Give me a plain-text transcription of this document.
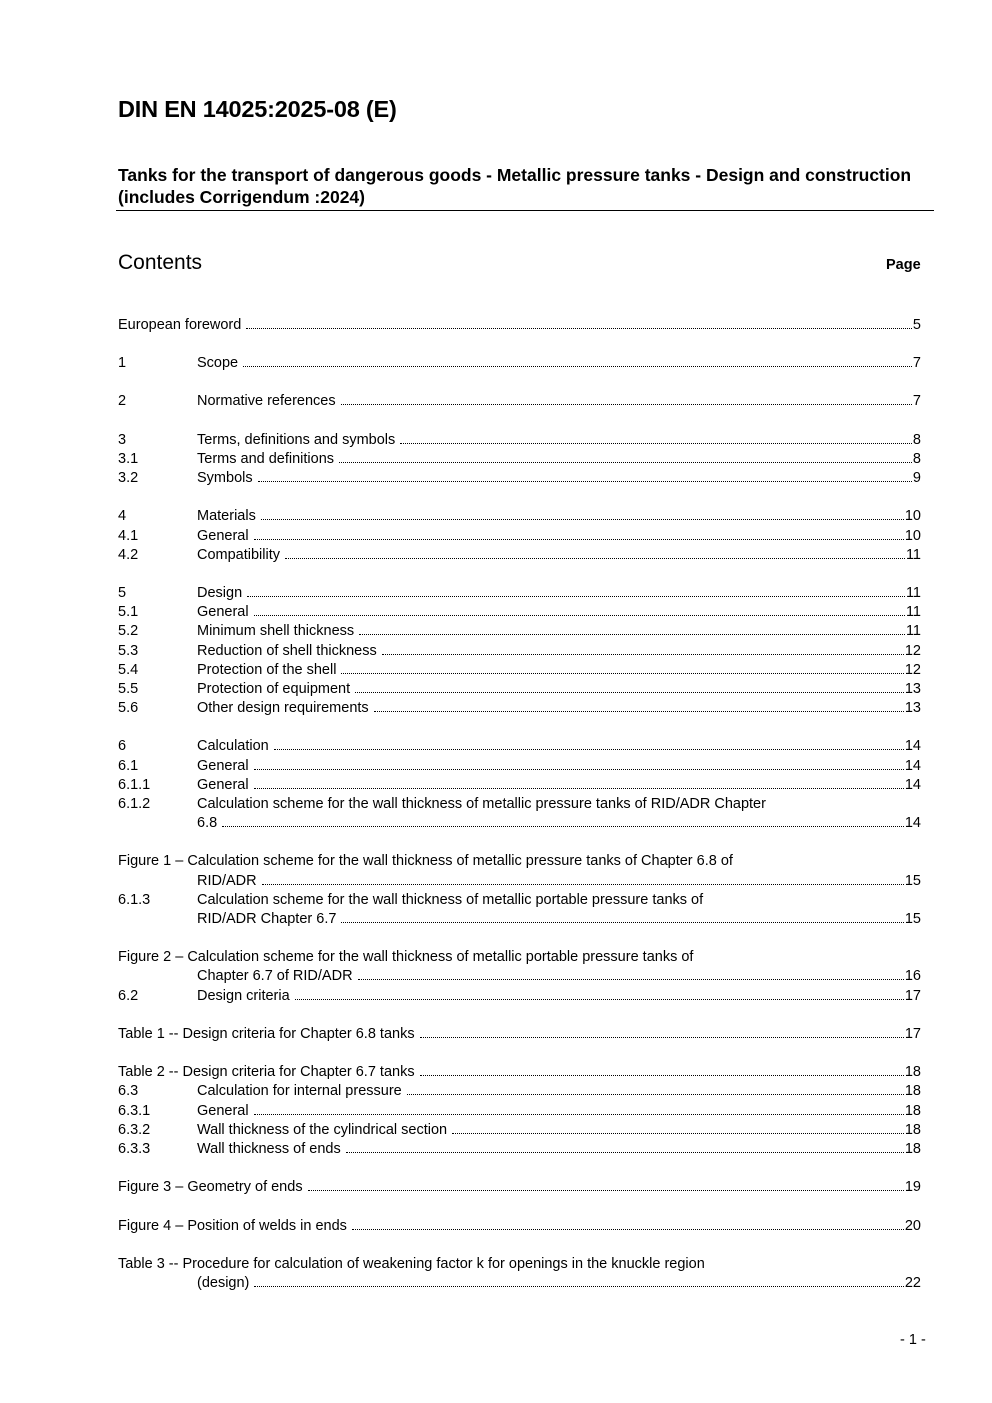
DIN EN 14025:2025-08 (E)
Tanks for the transport of dangerous goods - Metallic pressure tanks - Design and construction (includes Corrigendum :2024)
Contents	Page
European foreword	5
1	Scope	7
2	Normative references	7
3	Terms, definitions and symbols	8
3.1	Terms and definitions	8
3.2	Symbols	9
4	Materials	10
4.1	General	10
4.2	Compatibility	11
5	Design	11
5.1	General	11
5.2	Minimum shell thickness	11
5.3	Reduction of shell thickness	12
5.4	Protection of the shell	12
5.5	Protection of equipment	13
5.6	Other design requirements	13
6	Calculation	14
6.1	General	14
6.1.1	General	14
6.1.2	Calculation scheme for the wall thickness of metallic pressure tanks of RID/ADR Chapter
6.8	14
Figure 1 – Calculation scheme for the wall thickness of metallic pressure tanks of Chapter 6.8 of
RID/ADR	15
6.1.3	Calculation scheme for the wall thickness of metallic portable pressure tanks of
RID/ADR Chapter 6.7	15
Figure 2 – Calculation scheme for the wall thickness of metallic portable pressure tanks of
Chapter 6.7 of RID/ADR	16
6.2	Design criteria	17
Table 1 -- Design criteria for Chapter 6.8 tanks	17
Table 2 -- Design criteria for Chapter 6.7 tanks	18
6.3	Calculation for internal pressure	18
6.3.1	General	18
6.3.2	Wall thickness of the cylindrical section	18
6.3.3	Wall thickness of ends	18
Figure 3 – Geometry of ends	19
Figure 4 – Position of welds in ends	20
Table 3 -- Procedure for calculation of weakening factor k for openings in the knuckle region
(design)	22
- 1 -
